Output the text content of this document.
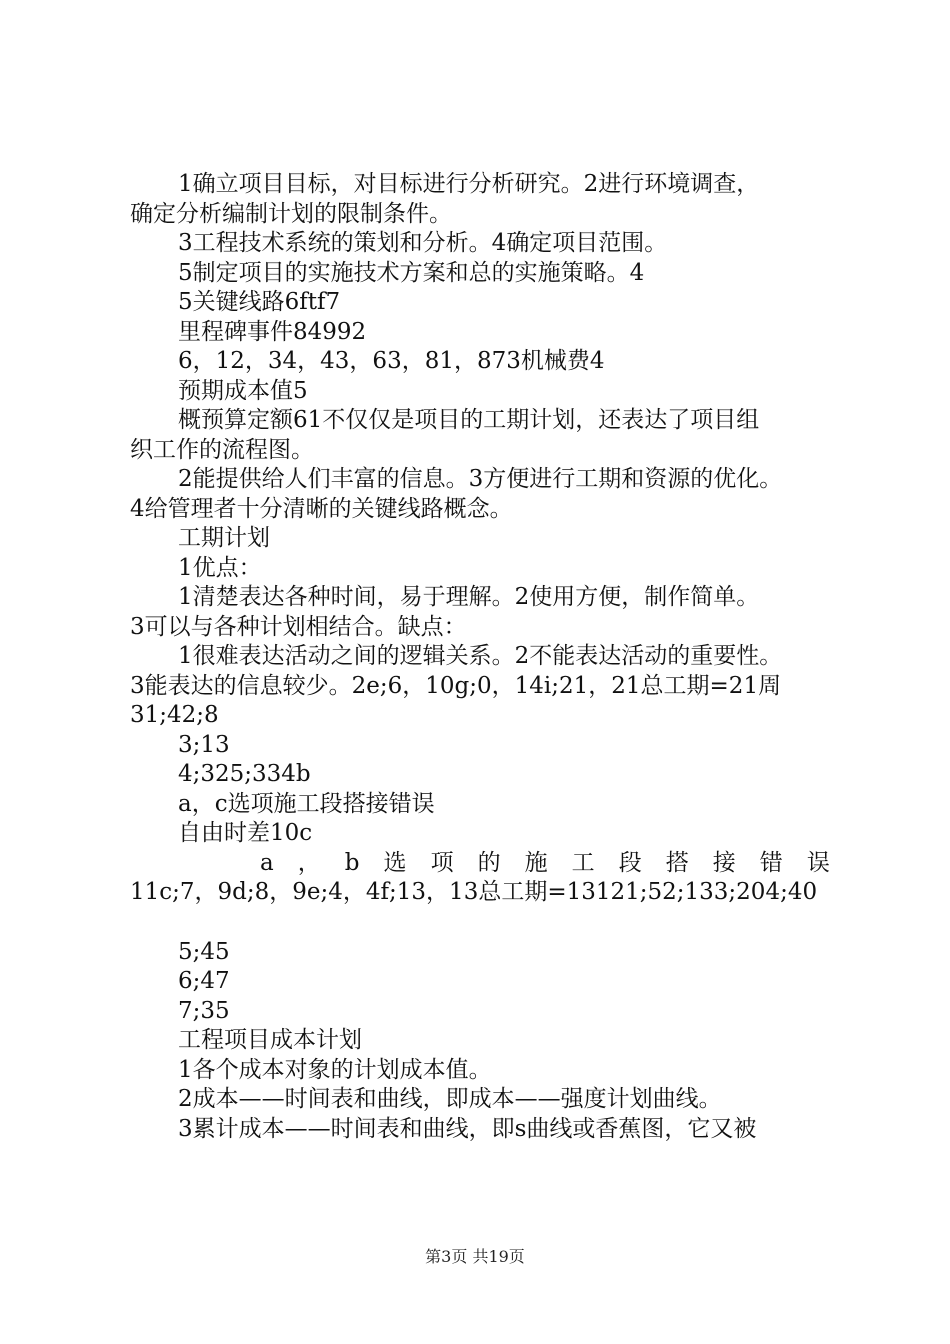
1确立项目目标，对目标进行分析研究。2进行环境调查，
确定分析编制计划的限制条件。
3工程技术系统的策划和分析。4确定项目范围。
5制定项目的实施技术方案和总的实施策略。4
5关键线路6ftf7
里程碑事件84992
6，12，34，43，63，81，873机械费4
预期成本值5
概预算定额61不仅仅是项目的工期计划，还表达了项目组
织工作的流程图。
2能提供给人们丰富的信息。3方便进行工期和资源的优化。
4给管理者十分清晰的关键线路概念。
工期计划
1优点：
1清楚表达各种时间，易于理解。2使用方便，制作简单。
3可以与各种计划相结合。缺点：
1很难表达活动之间的逻辑关系。2不能表达活动的重要性。
3能表达的信息较少。2e;6，10g;0，14i;21，21总工期=21周
31;42;8
3;13
4;325;334b
a，c选项施工段搭接错误
自由时差10c
a ， b 选 项 的 施 工 段 搭 接 错 误
11c;7，9d;8，9e;4，4f;13，13总工期=13121;52;133;204;40
5;45
6;47
7;35
工程项目成本计划
1各个成本对象的计划成本值。
2成本——时间表和曲线，即成本——强度计划曲线。
3累计成本——时间表和曲线，即s曲线或香蕉图，它又被
第3页 共19页
